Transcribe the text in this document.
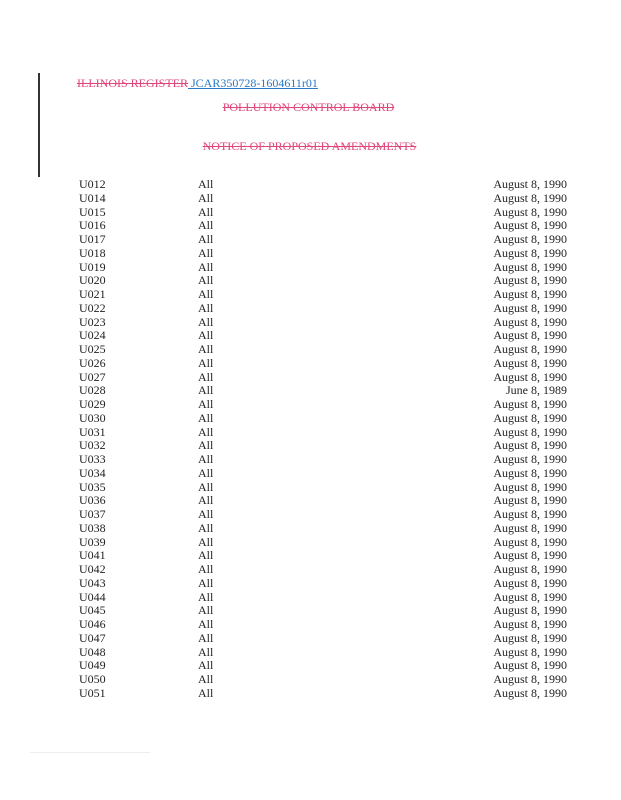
ILLINOIS REGISTER JCAR350728-1604611r01
POLLUTION CONTROL BOARD
NOTICE OF PROPOSED AMENDMENTS
U012	All	August 8, 1990
U014	All	August 8, 1990
U015	All	August 8, 1990
U016	All	August 8, 1990
U017	All	August 8, 1990
U018	All	August 8, 1990
U019	All	August 8, 1990
U020	All	August 8, 1990
U021	All	August 8, 1990
U022	All	August 8, 1990
U023	All	August 8, 1990
U024	All	August 8, 1990
U025	All	August 8, 1990
U026	All	August 8, 1990
U027	All	August 8, 1990
U028	All	June 8, 1989
U029	All	August 8, 1990
U030	All	August 8, 1990
U031	All	August 8, 1990
U032	All	August 8, 1990
U033	All	August 8, 1990
U034	All	August 8, 1990
U035	All	August 8, 1990
U036	All	August 8, 1990
U037	All	August 8, 1990
U038	All	August 8, 1990
U039	All	August 8, 1990
U041	All	August 8, 1990
U042	All	August 8, 1990
U043	All	August 8, 1990
U044	All	August 8, 1990
U045	All	August 8, 1990
U046	All	August 8, 1990
U047	All	August 8, 1990
U048	All	August 8, 1990
U049	All	August 8, 1990
U050	All	August 8, 1990
U051	All	August 8, 1990
